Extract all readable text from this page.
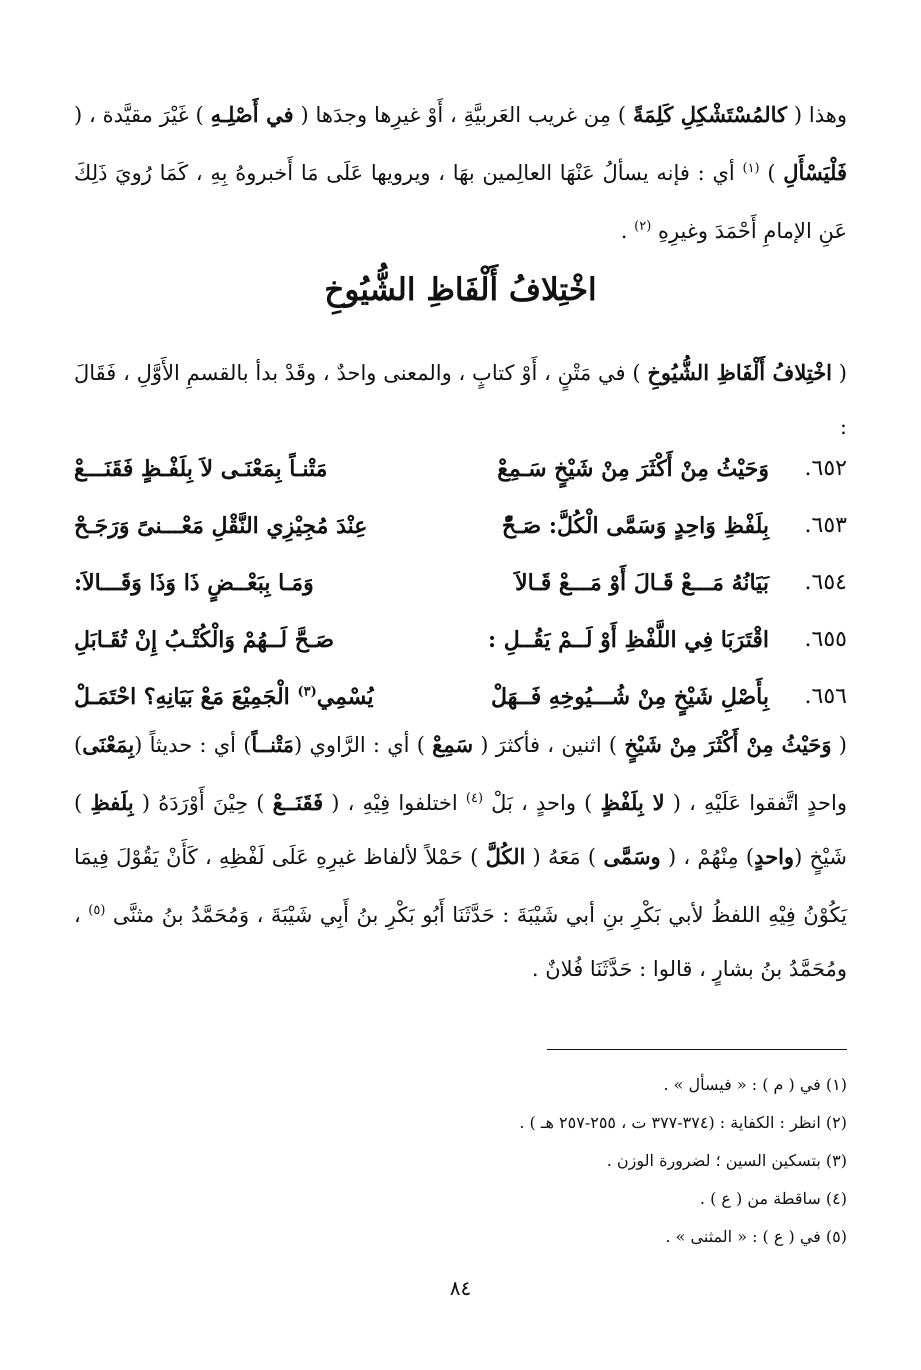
وهذا ( كالمُسْتَشْكِلِ كَلِمَةً ) مِن غريب العَربيَّةِ ، أَوْ غيرِها وجدَها ( في أَصْلِـهِ ) غَيْرَ مقيَّدة ، ( فَلْيَسْأَلِ ) $^{(١)}$ أي : فإنه يسألُ عَنْهَا العالِمين بهَا ، ويرويها عَلَى مَا أَخبروهُ بِهِ ، كَمَا رُويَ ذَلِكَ عَنِ الإمامِ أَحْمَدَ وغيرِهِ $^{(٢)}$ .
اخْتِلافُ أَلْفَاظِ الشُّيُوخِ
( اخْتِلافُ أَلْفَاظِ الشُّيُوخِ ) في مَتْنٍ ، أَوْ كتابٍ ، والمعنى واحدٌ ، وقَدْ بدأ بالقسمِ الأَوَّلِ ، فَقَالَ :
٦٥٢.
وَحَيْثُ مِنْ أَكْثَرَ مِنْ شَيْخٍ سَـمِعْ
مَتْنـاً بِمَعْنَـى لاَ بِلَفْـظٍ فَقَنَـــعْ
٦٥٣.
بِلَفْظِ وَاحِدٍ وَسَمَّى الْكُلَّ: صَـحّْ
عِنْدَ مُجِيْزِي النَّقْلِ مَعْـــنىً وَرَجَـحْ
٦٥٤.
بَيَانُهُ مَـــعْ قَـالَ أَوْ مَـــعْ قَـالاَ
وَمَـا بِبَعْــضٍ ذَا وَذَا وَقَـــالاَ:
٦٥٥.
اقْتَرَبَا فِي اللَّفْظِ أَوْ لَــمْ يَقُــلِ :
صَـحَّ لَــهُمْ وَالْكُتْـبُ إِنْ تُقَـابَلِ
٦٥٦.
بِأَصْلِ شَيْخٍ مِنْ شُـــيُوخِهِ فَــهَلْ
يُسْمِي$^{(٣)}$ الْجَمِيْعَ مَعْ بَيَانِهِ؟ احْتَمَـلْ
( وَحَيْثُ مِنْ أَكْثَرَ مِنْ شَيْخٍ ) اثنين ، فأكثرَ ( سَمِعْ ) أي : الرَّاوي (مَتْنــاً) أي : حديثاً (بِمَعْنَى) واحدٍ اتَّفقوا عَلَيْهِ ، ( لا بِلَفْظٍ ) واحدٍ ، بَلْ $^{(٤)}$ اختلفوا فِيْهِ ، ( فَقَنَــعْ ) حِيْنَ أَوْرَدَهُ ( بِلَفظِ ) شَيْخٍ (واحدٍ) مِنْهُمْ ، ( وسَمَّى ) مَعَهُ ( الكُلَّ ) حَمْلاً لألفاظ غيرِهِ عَلَى لَفْظِهِ ، كَأَنْ يَقُوْلَ فِيمَا يَكُوْنُ فِيْهِ اللفظُ لأبي بَكْرِ بنِ أبي شَيْبَةَ : حَدَّثَنَا أَبُو بَكْرِ بنُ أَبِي شَيْبَةَ ، وَمُحَمَّدُ بنُ مثنَّى $^{(٥)}$ ، ومُحَمَّدُ بنُ بشارٍ ، قالوا : حَدَّثَنَا فُلانٌ .
(١) في ( م ) : « فيسأل » .
(٢) انظر : الكفاية : (٣٧٤-٣٧٧ ت ، ٢٥٥-٢٥٧ هـ ) .
(٣) بتسكين السين ؛ لضرورة الوزن .
(٤) ساقطة من ( ع ) .
(٥) في ( ع ) : « المثنى » .
٨٤
